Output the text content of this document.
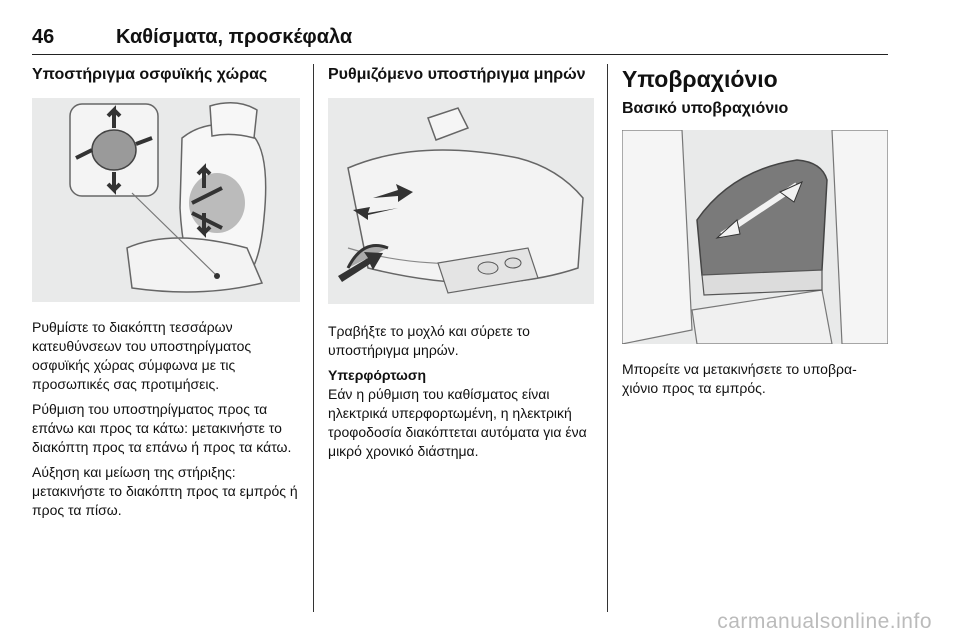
46	Καθίσματα, προσκέφαλα
Υποστήριγμα οσφυϊκής χώρας

Ρυθμίστε το διακόπτη τεσσάρων κατευθύνσεων του υποστηρίγματος οσφυϊκής χώρας σύμφωνα με τις προσωπικές σας προτιμήσεις.

Ρύθμιση του υποστηρίγματος προς τα επάνω και προς τα κάτω: μετακινήστε το διακόπτη προς τα επάνω ή προς τα κάτω.

Αύξηση και μείωση της στήριξης: μετακινήστε το διακόπτη προς τα εμπρός ή προς τα πίσω.

Ρυθμιζόμενο υποστήριγμα μηρών

Τραβήξτε το μοχλό και σύρετε το υποστήριγμα μηρών.

Υπερφόρτωση

Εάν η ρύθμιση του καθίσματος είναι ηλεκτρικά υπερφορτωμένη, η ηλεκτρική τροφοδοσία διακόπτεται αυτόματα για ένα μικρό χρονικό διάστημα.

Υποβραχιόνιο
Βασικό υποβραχιόνιο

Μπορείτε να μετακινήσετε το υποβρα-χιόνιο προς τα εμπρός.

carmanualsonline.info
